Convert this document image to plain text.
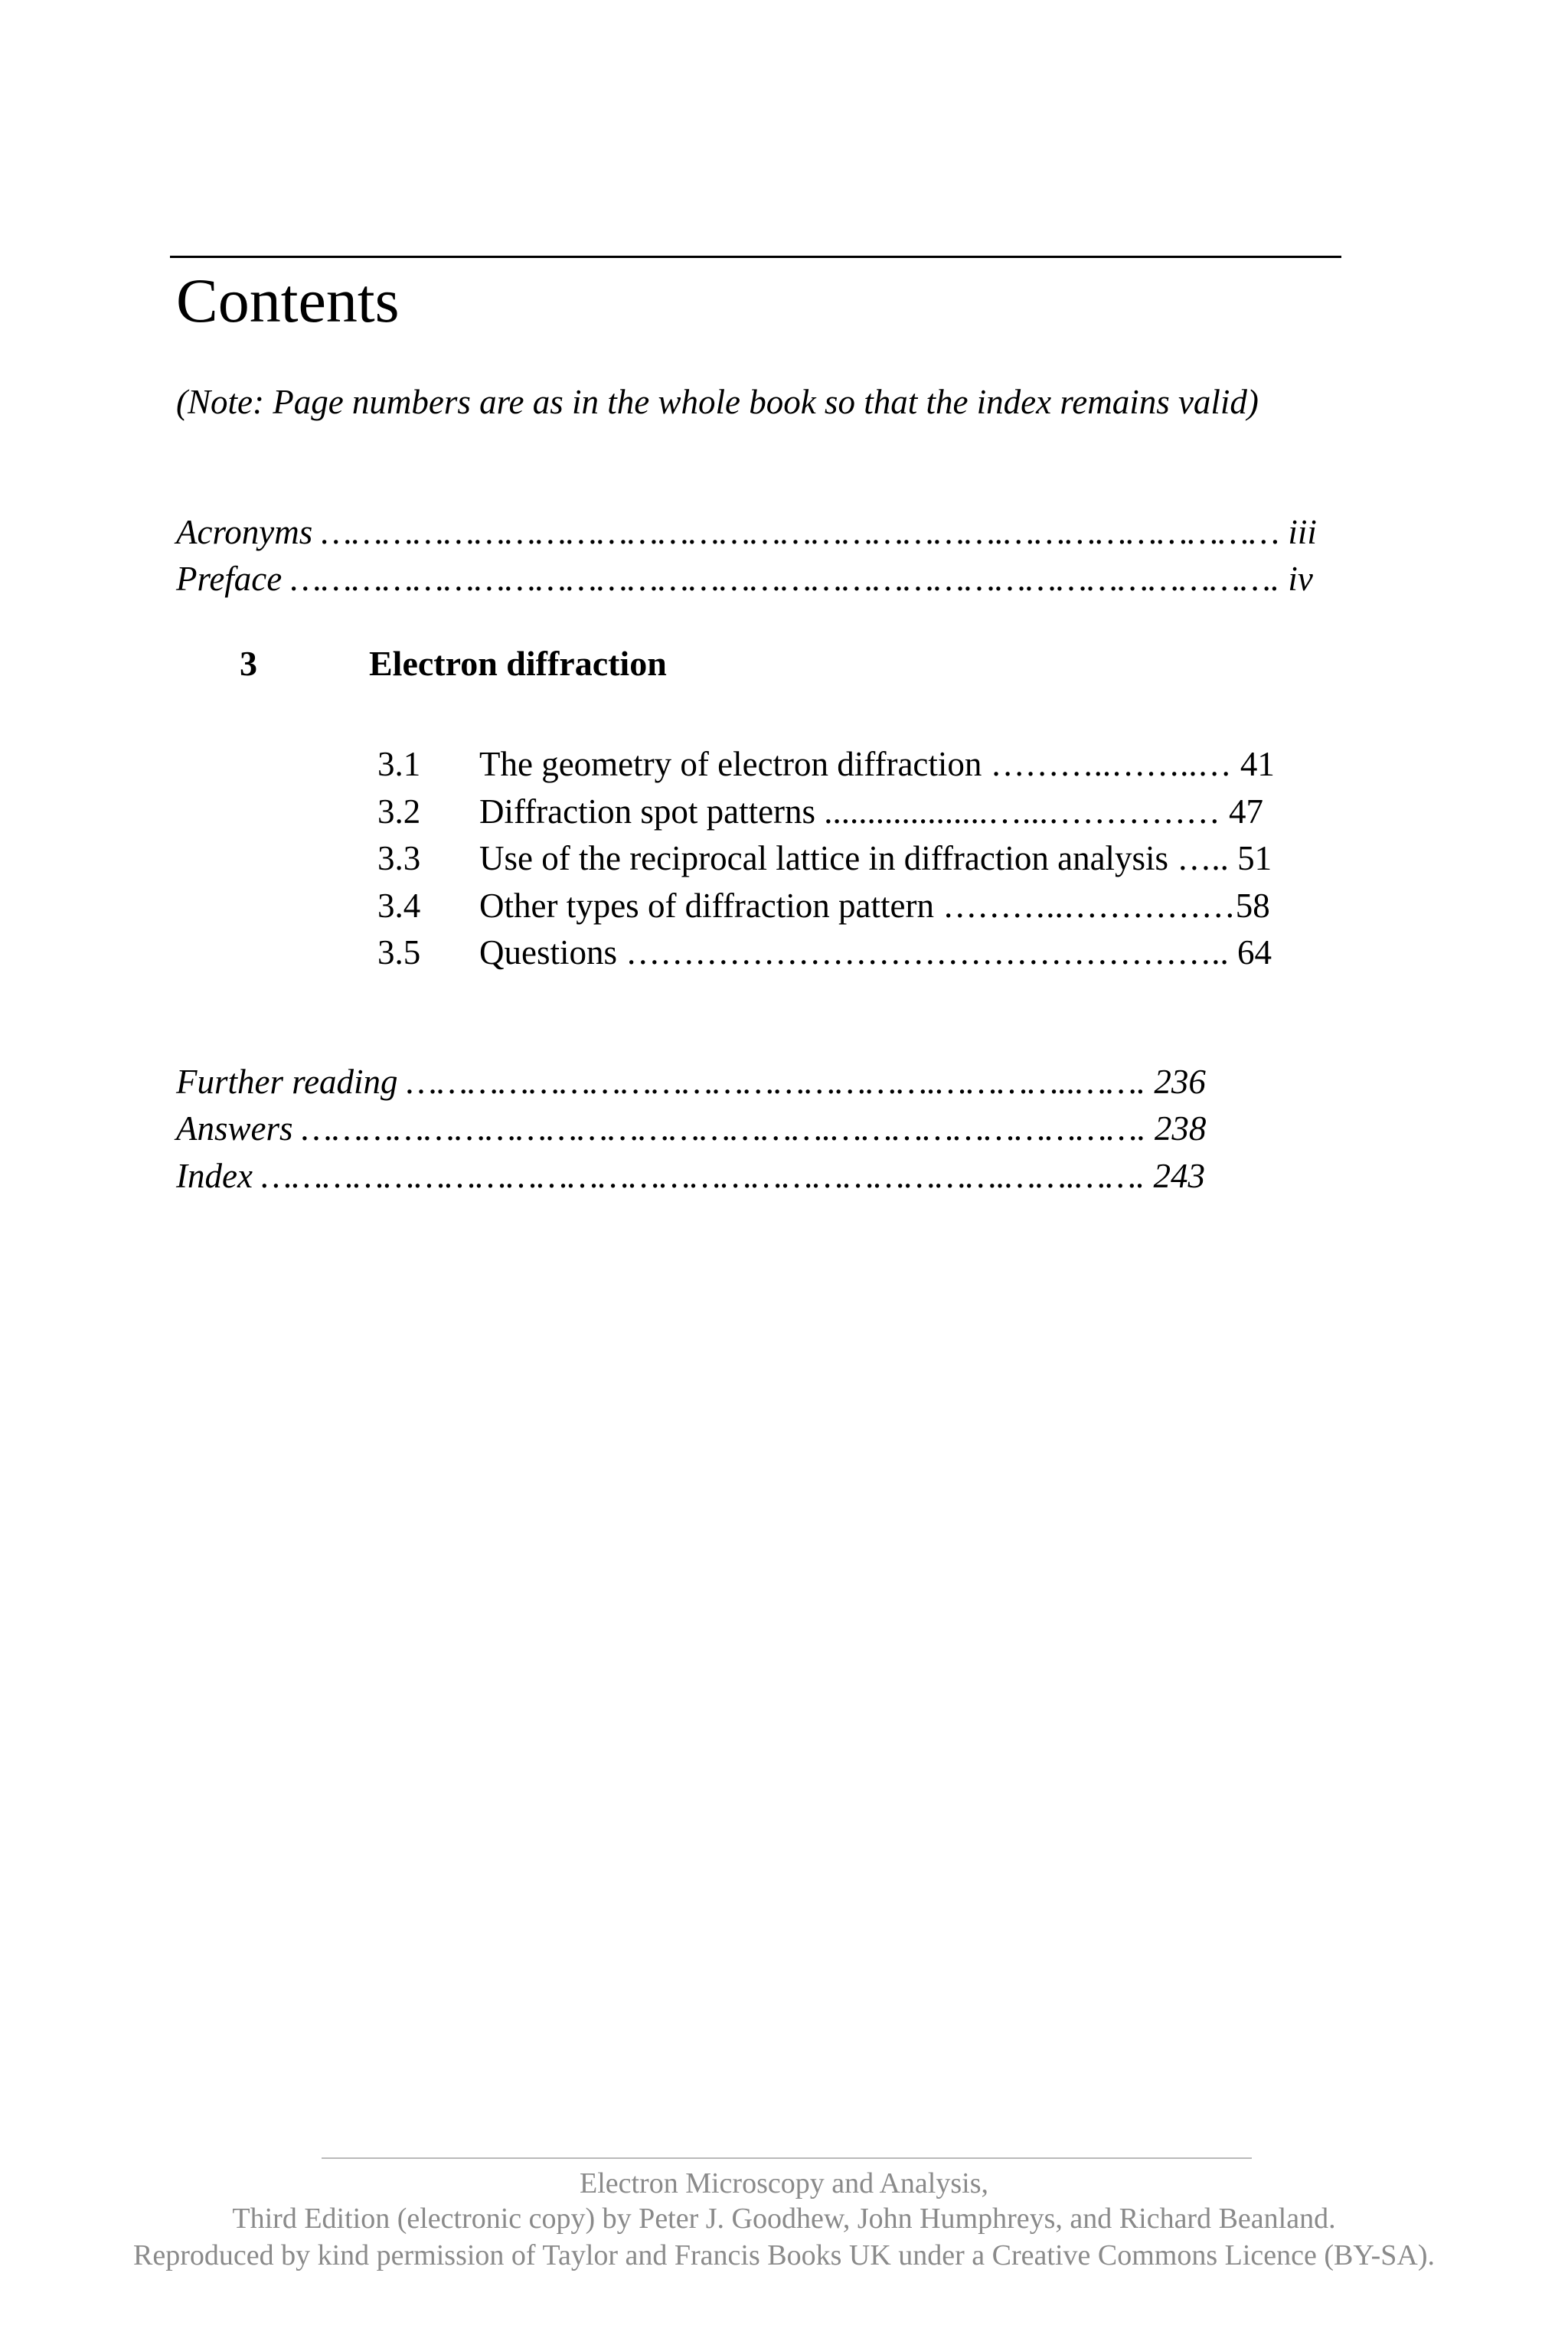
Contents
(Note: Page numbers are as in the whole book so that the index remains valid)
Acronyms ………………………………………………………….……………………… iii
Preface ……………………………………………………………………………………. iv
3	Electron diffraction
3.1 The geometry of electron diffraction ………..……..… 41
3.2 Diffraction spot patterns ...................…...…………… 47
3.3 Use of the reciprocal lattice in diffraction analysis ….. 51
3.4 Other types of diffraction pattern ………..……………58
3.5 Questions …………………………………………….. 64
Further reading …………………………………………….…………..……. 236
Answers …………………………………………….…………………………. 238
Index ……………………………………………………………….…….……. 243
Electron Microscopy and Analysis,
Third Edition (electronic copy) by Peter J. Goodhew, John Humphreys, and Richard Beanland.
Reproduced by kind permission of Taylor and Francis Books UK under a Creative Commons Licence (BY-SA).
